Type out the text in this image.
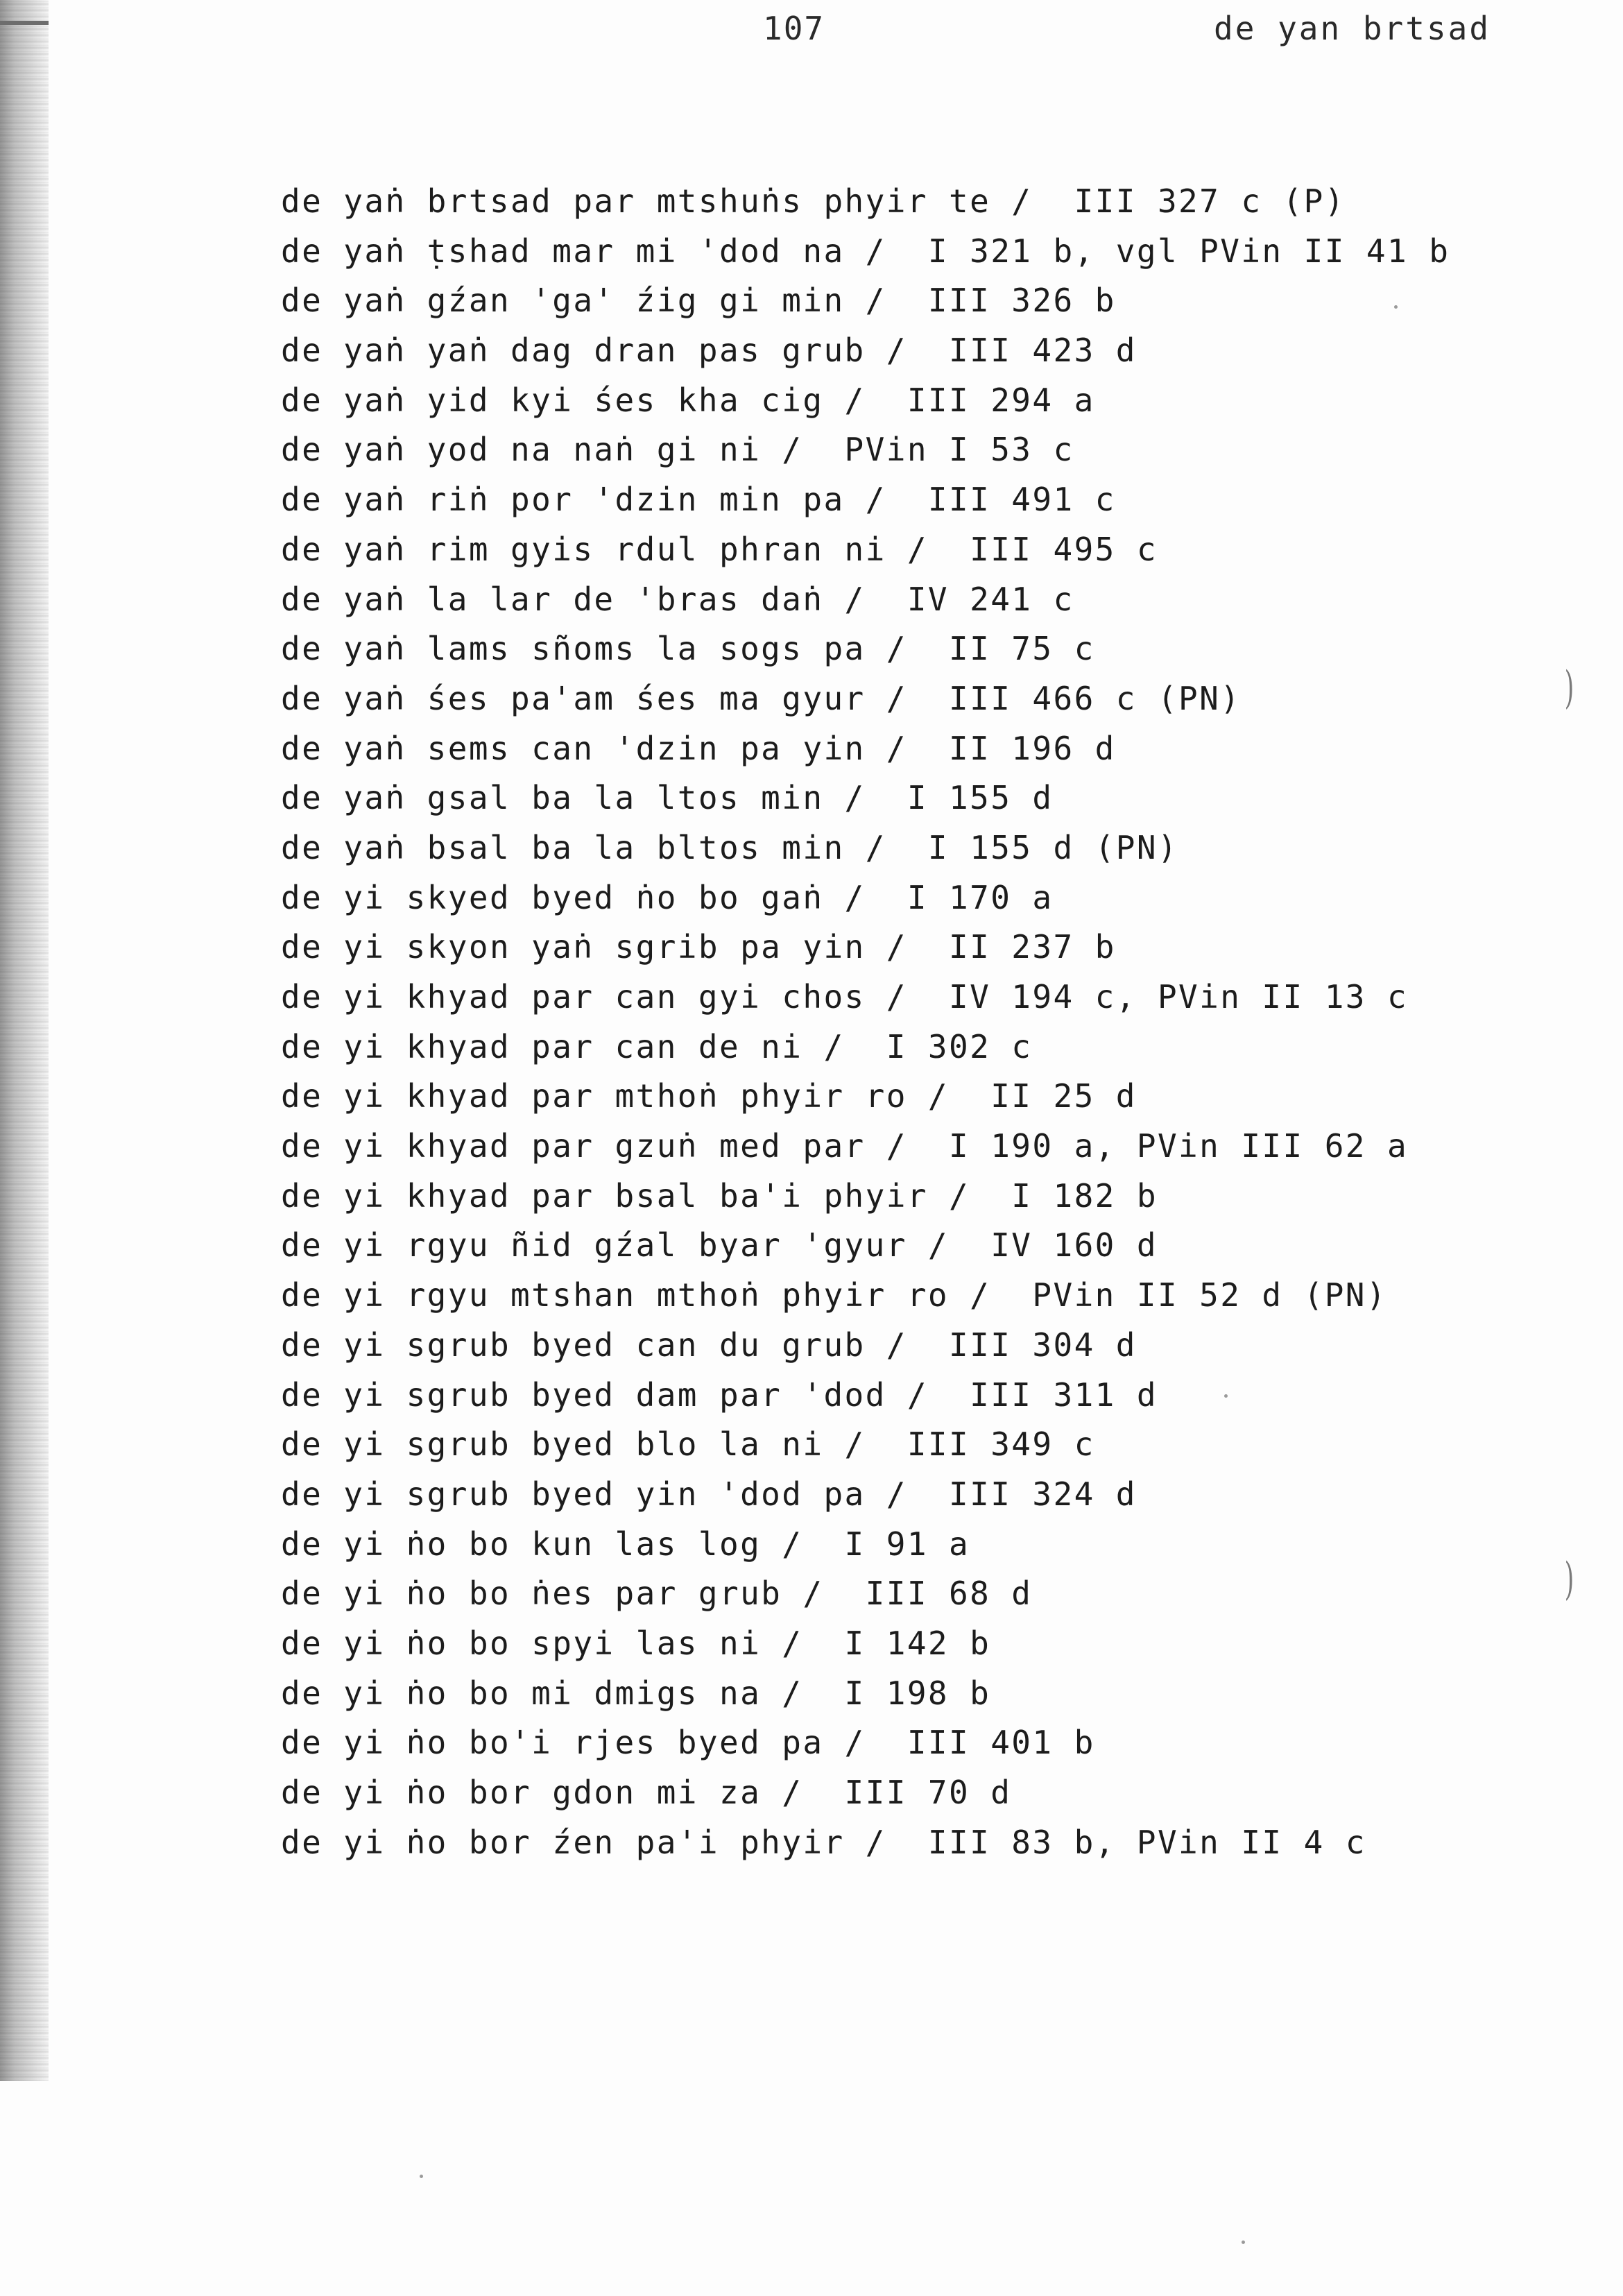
107	de yan brtsad
de yaṅ brtsad par mtshuṅs phyir te /  III 327 c (P)
de yaṅ ṭshad mar mi 'dod na /  I 321 b, vgl PVin II 41 b
de yaṅ gźan 'ga' źig gi min /  III 326 b
de yaṅ yaṅ dag dran pas grub /  III 423 d
de yaṅ yid kyi śes kha cig /  III 294 a
de yaṅ yod na naṅ gi ni /  PVin I 53 c
de yaṅ riṅ por 'dzin min pa /  III 491 c
de yaṅ rim gyis rdul phran ni /  III 495 c
de yaṅ la lar de 'bras daṅ /  IV 241 c
de yaṅ lams sñoms la sogs pa /  II 75 c
de yaṅ śes pa'am śes ma gyur /  III 466 c (PN)
de yaṅ sems can 'dzin pa yin /  II 196 d
de yaṅ gsal ba la ltos min /  I 155 d
de yaṅ bsal ba la bltos min /  I 155 d (PN)
de yi skyed byed ṅo bo gaṅ /  I 170 a
de yi skyon yaṅ sgrib pa yin /  II 237 b
de yi khyad par can gyi chos /  IV 194 c, PVin II 13 c
de yi khyad par can de ni /  I 302 c
de yi khyad par mthoṅ phyir ro /  II 25 d
de yi khyad par gzuṅ med par /  I 190 a, PVin III 62 a
de yi khyad par bsal ba'i phyir /  I 182 b
de yi rgyu ñid gźal byar 'gyur /  IV 160 d
de yi rgyu mtshan mthoṅ phyir ro /  PVin II 52 d (PN)
de yi sgrub byed can du grub /  III 304 d
de yi sgrub byed dam par 'dod /  III 311 d
de yi sgrub byed blo la ni /  III 349 c
de yi sgrub byed yin 'dod pa /  III 324 d
de yi ṅo bo kun las log /  I 91 a
de yi ṅo bo ṅes par grub /  III 68 d
de yi ṅo bo spyi las ni /  I 142 b
de yi ṅo bo mi dmigs na /  I 198 b
de yi ṅo bo'i rjes byed pa /  III 401 b
de yi ṅo bor gdon mi za /  III 70 d
de yi ṅo bor źen pa'i phyir /  III 83 b, PVin II 4 c
)
)
